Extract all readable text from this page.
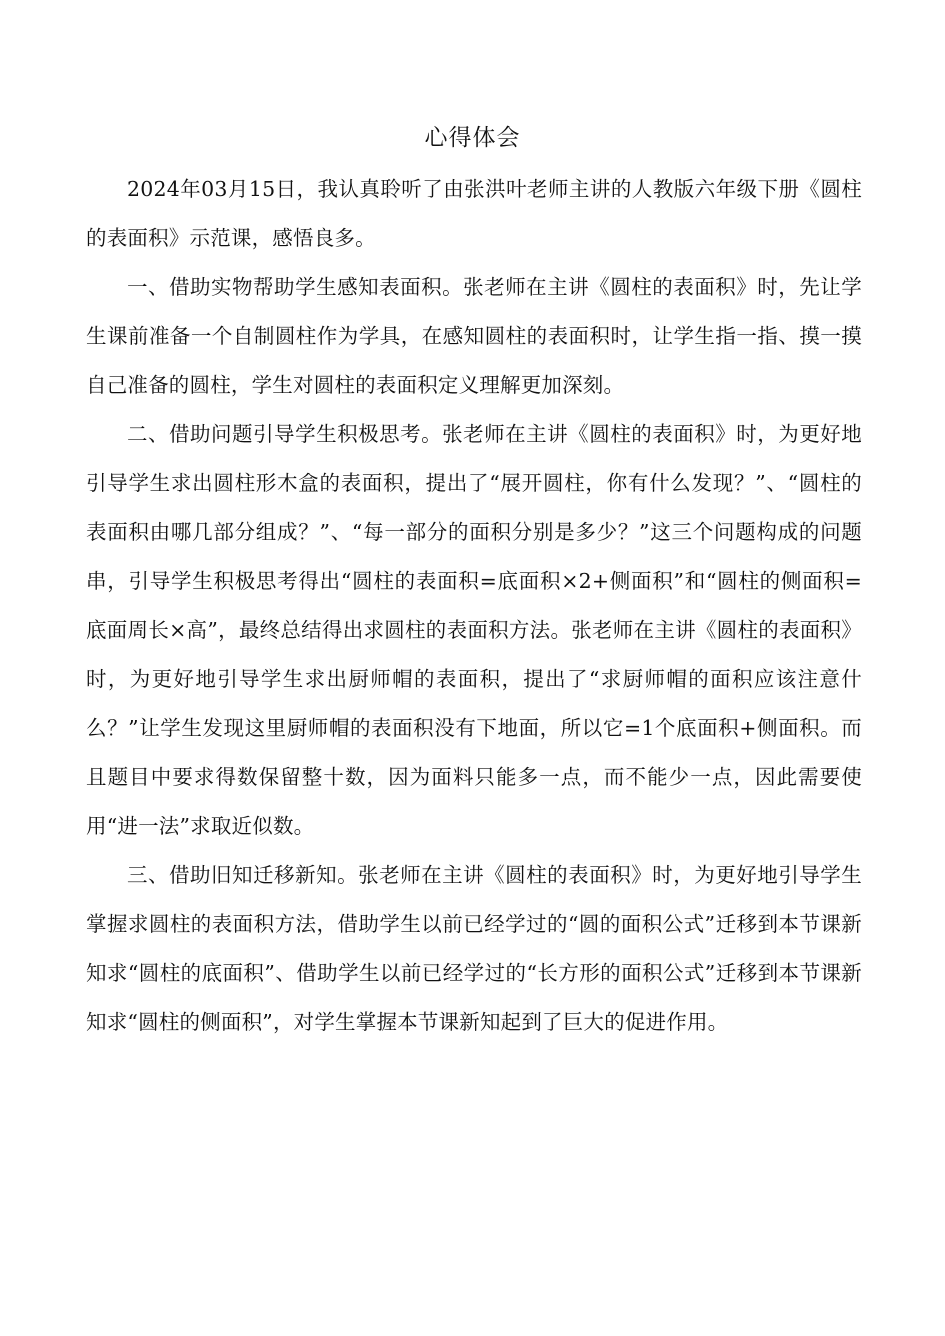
心得体会

2024年03月15日，我认真聆听了由张洪叶老师主讲的人教版六年级下册《圆柱的表面积》示范课，感悟良多。

一、借助实物帮助学生感知表面积。张老师在主讲《圆柱的表面积》时，先让学生课前准备一个自制圆柱作为学具，在感知圆柱的表面积时，让学生指一指、摸一摸自己准备的圆柱，学生对圆柱的表面积定义理解更加深刻。

二、借助问题引导学生积极思考。张老师在主讲《圆柱的表面积》时，为更好地引导学生求出圆柱形木盒的表面积，提出了“展开圆柱，你有什么发现？”、“圆柱的表面积由哪几部分组成？”、“每一部分的面积分别是多少？”这三个问题构成的问题串，引导学生积极思考得出“圆柱的表面积=底面积×2+侧面积”和“圆柱的侧面积=底面周长×高”，最终总结得出求圆柱的表面积方法。张老师在主讲《圆柱的表面积》时，为更好地引导学生求出厨师帽的表面积，提出了“求厨师帽的面积应该注意什么？”让学生发现这里厨师帽的表面积没有下地面，所以它=1个底面积+侧面积。而且题目中要求得数保留整十数，因为面料只能多一点，而不能少一点，因此需要使用“进一法”求取近似数。

三、借助旧知迁移新知。张老师在主讲《圆柱的表面积》时，为更好地引导学生掌握求圆柱的表面积方法，借助学生以前已经学过的“圆的面积公式”迁移到本节课新知求“圆柱的底面积”、借助学生以前已经学过的“长方形的面积公式”迁移到本节课新知求“圆柱的侧面积”，对学生掌握本节课新知起到了巨大的促进作用。
